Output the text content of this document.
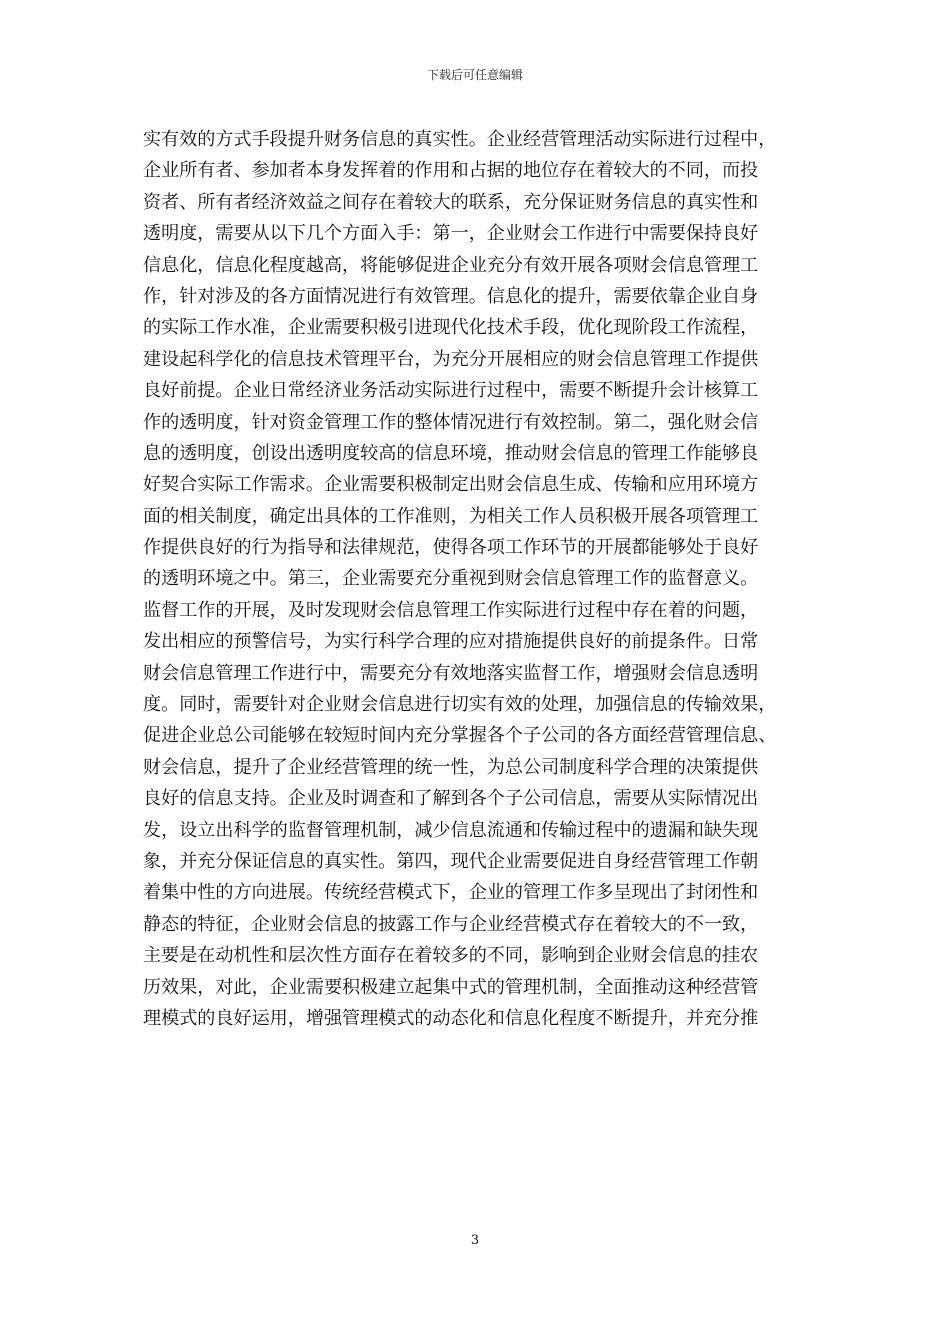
下载后可任意编辑
实有效的方式手段提升财务信息的真实性。企业经营管理活动实际进行过程中，
企业所有者、参加者本身发挥着的作用和占据的地位存在着较大的不同，而投
资者、所有者经济效益之间存在着较大的联系，充分保证财务信息的真实性和
透明度，需要从以下几个方面入手：第一，企业财会工作进行中需要保持良好
信息化，信息化程度越高，将能够促进企业充分有效开展各项财会信息管理工
作，针对涉及的各方面情况进行有效管理。信息化的提升，需要依靠企业自身
的实际工作水准，企业需要积极引进现代化技术手段，优化现阶段工作流程，
建设起科学化的信息技术管理平台，为充分开展相应的财会信息管理工作提供
良好前提。企业日常经济业务活动实际进行过程中，需要不断提升会计核算工
作的透明度，针对资金管理工作的整体情况进行有效控制。第二，强化财会信
息的透明度，创设出透明度较高的信息环境，推动财会信息的管理工作能够良
好契合实际工作需求。企业需要积极制定出财会信息生成、传输和应用环境方
面的相关制度，确定出具体的工作准则，为相关工作人员积极开展各项管理工
作提供良好的行为指导和法律规范，使得各项工作环节的开展都能够处于良好
的透明环境之中。第三，企业需要充分重视到财会信息管理工作的监督意义。
监督工作的开展，及时发现财会信息管理工作实际进行过程中存在着的问题，
发出相应的预警信号，为实行科学合理的应对措施提供良好的前提条件。日常
财会信息管理工作进行中，需要充分有效地落实监督工作，增强财会信息透明
度。同时，需要针对企业财会信息进行切实有效的处理，加强信息的传输效果，
促进企业总公司能够在较短时间内充分掌握各个子公司的各方面经营管理信息、
财会信息，提升了企业经营管理的统一性，为总公司制度科学合理的决策提供
良好的信息支持。企业及时调查和了解到各个子公司信息，需要从实际情况出
发，设立出科学的监督管理机制，减少信息流通和传输过程中的遗漏和缺失现
象，并充分保证信息的真实性。第四，现代企业需要促进自身经营管理工作朝
着集中性的方向进展。传统经营模式下，企业的管理工作多呈现出了封闭性和
静态的特征，企业财会信息的披露工作与企业经营模式存在着较大的不一致，
主要是在动机性和层次性方面存在着较多的不同，影响到企业财会信息的挂农
历效果，对此，企业需要积极建立起集中式的管理机制，全面推动这种经营管
理模式的良好运用，增强管理模式的动态化和信息化程度不断提升，并充分推
3
